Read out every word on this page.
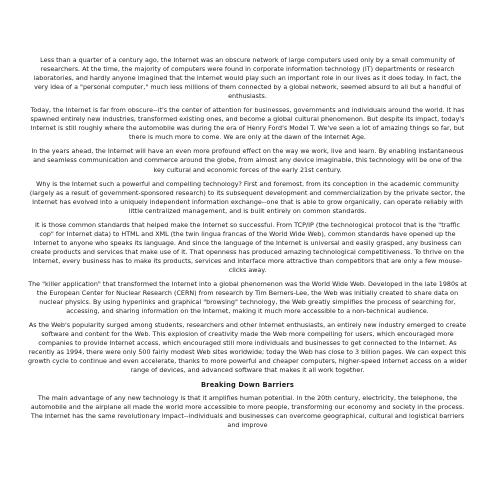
Less than a quarter of a century ago, the Internet was an obscure network of large computers used only by a small community of researchers. At the time, the majority of computers were found in corporate information technology (IT) departments or research laboratories, and hardly anyone imagined that the Internet would play such an important role in our lives as it does today. In fact, the very idea of a "personal computer," much less millions of them connected by a global network, seemed absurd to all but a handful of enthusiasts.

Today, the Internet is far from obscure--it's the center of attention for businesses, governments and individuals around the world. It has spawned entirely new industries, transformed existing ones, and become a global cultural phenomenon. But despite its impact, today's Internet is still roughly where the automobile was during the era of Henry Ford's Model T. We've seen a lot of amazing things so far, but there is much more to come. We are only at the dawn of the Internet Age.

In the years ahead, the Internet will have an even more profound effect on the way we work, live and learn. By enabling instantaneous and seamless communication and commerce around the globe, from almost any device imaginable, this technology will be one of the key cultural and economic forces of the early 21st century.

Why is the Internet such a powerful and compelling technology? First and foremost, from its conception in the academic community (largely as a result of government-sponsored research) to its subsequent development and commercialization by the private sector, the Internet has evolved into a uniquely independent information exchange--one that is able to grow organically, can operate reliably with little centralized management, and is built entirely on common standards.

It is those common standards that helped make the Internet so successful. From TCP/IP (the technological protocol that is the "traffic cop" for Internet data) to HTML and XML (the twin lingua francas of the World Wide Web), common standards have opened up the Internet to anyone who speaks its language. And since the language of the Internet is universal and easily grasped, any business can create products and services that make use of it. That openness has produced amazing technological competitiveness. To thrive on the Internet, every business has to make its products, services and interface more attractive than competitors that are only a few mouse-clicks away.

The "killer application" that transformed the Internet into a global phenomenon was the World Wide Web. Developed in the late 1980s at the European Center for Nuclear Research (CERN) from research by Tim Berners-Lee, the Web was initially created to share data on nuclear physics. By using hyperlinks and graphical "browsing" technology, the Web greatly simplifies the process of searching for, accessing, and sharing information on the Internet, making it much more accessible to a non-technical audience.

As the Web's popularity surged among students, researchers and other Internet enthusiasts, an entirely new industry emerged to create software and content for the Web. This explosion of creativity made the Web more compelling for users, which encouraged more companies to provide Internet access, which encouraged still more individuals and businesses to get connected to the Internet. As recently as 1994, there were only 500 fairly modest Web sites worldwide; today the Web has close to 3 billion pages. We can expect this growth cycle to continue and even accelerate, thanks to more powerful and cheaper computers, higher-speed Internet access on a wider range of devices, and advanced software that makes it all work together.

Breaking Down Barriers

The main advantage of any new technology is that it amplifies human potential. In the 20th century, electricity, the telephone, the automobile and the airplane all made the world more accessible to more people, transforming our economy and society in the process. The Internet has the same revolutionary impact--individuals and businesses can overcome geographical, cultural and logistical barriers and improve
